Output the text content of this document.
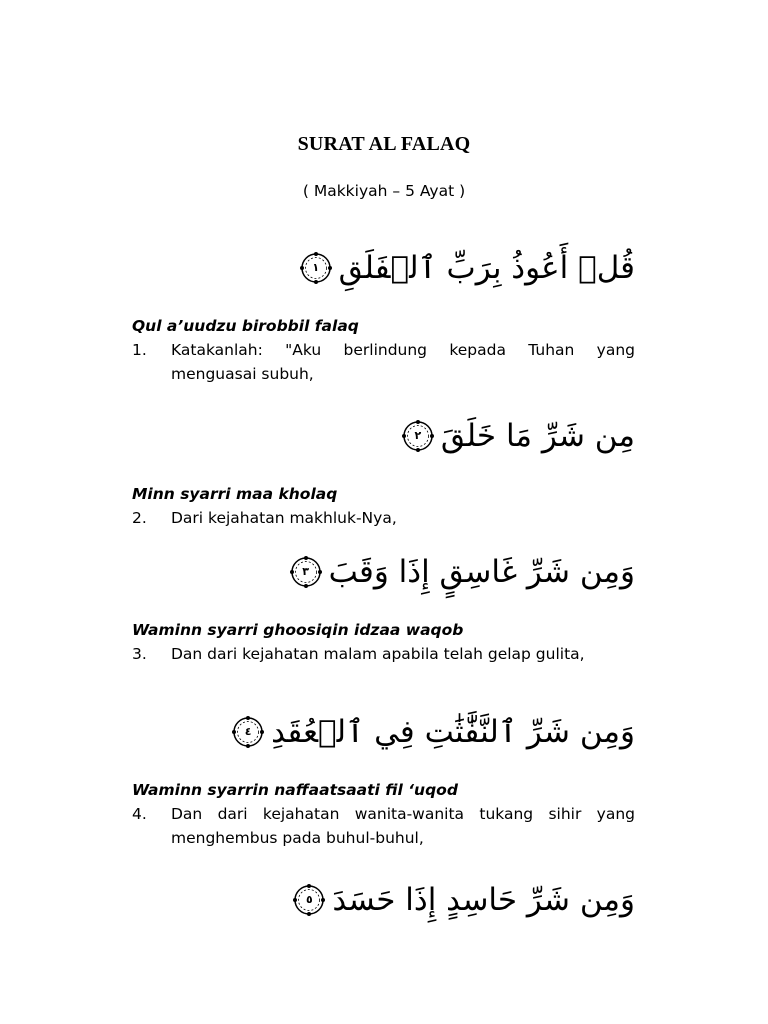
SURAT AL FALAQ
( Makkiyah – 5 Ayat )
قُلۡ أَعُوذُ بِرَبِّ ٱلۡفَلَقِ
١
Qul a’uudzu birobbil falaq
1.	Katakanlah: "Aku berlindung kepada Tuhan yang menguasai subuh,
مِن شَرِّ مَا خَلَقَ
٢
Minn syarri maa kholaq
2.	Dari kejahatan makhluk-Nya,
وَمِن شَرِّ غَاسِقٍ إِذَا وَقَبَ
٣
Waminn syarri ghoosiqin idzaa waqob
3.	Dan dari kejahatan malam apabila telah gelap gulita,
وَمِن شَرِّ ٱلنَّفَّٰثَٰتِ فِي ٱلۡعُقَدِ
٤
Waminn syarrin naffaatsaati fil ‘uqod
4.	Dan dari kejahatan wanita-wanita tukang sihir yang menghembus pada buhul-buhul,
وَمِن شَرِّ حَاسِدٍ إِذَا حَسَدَ
٥
